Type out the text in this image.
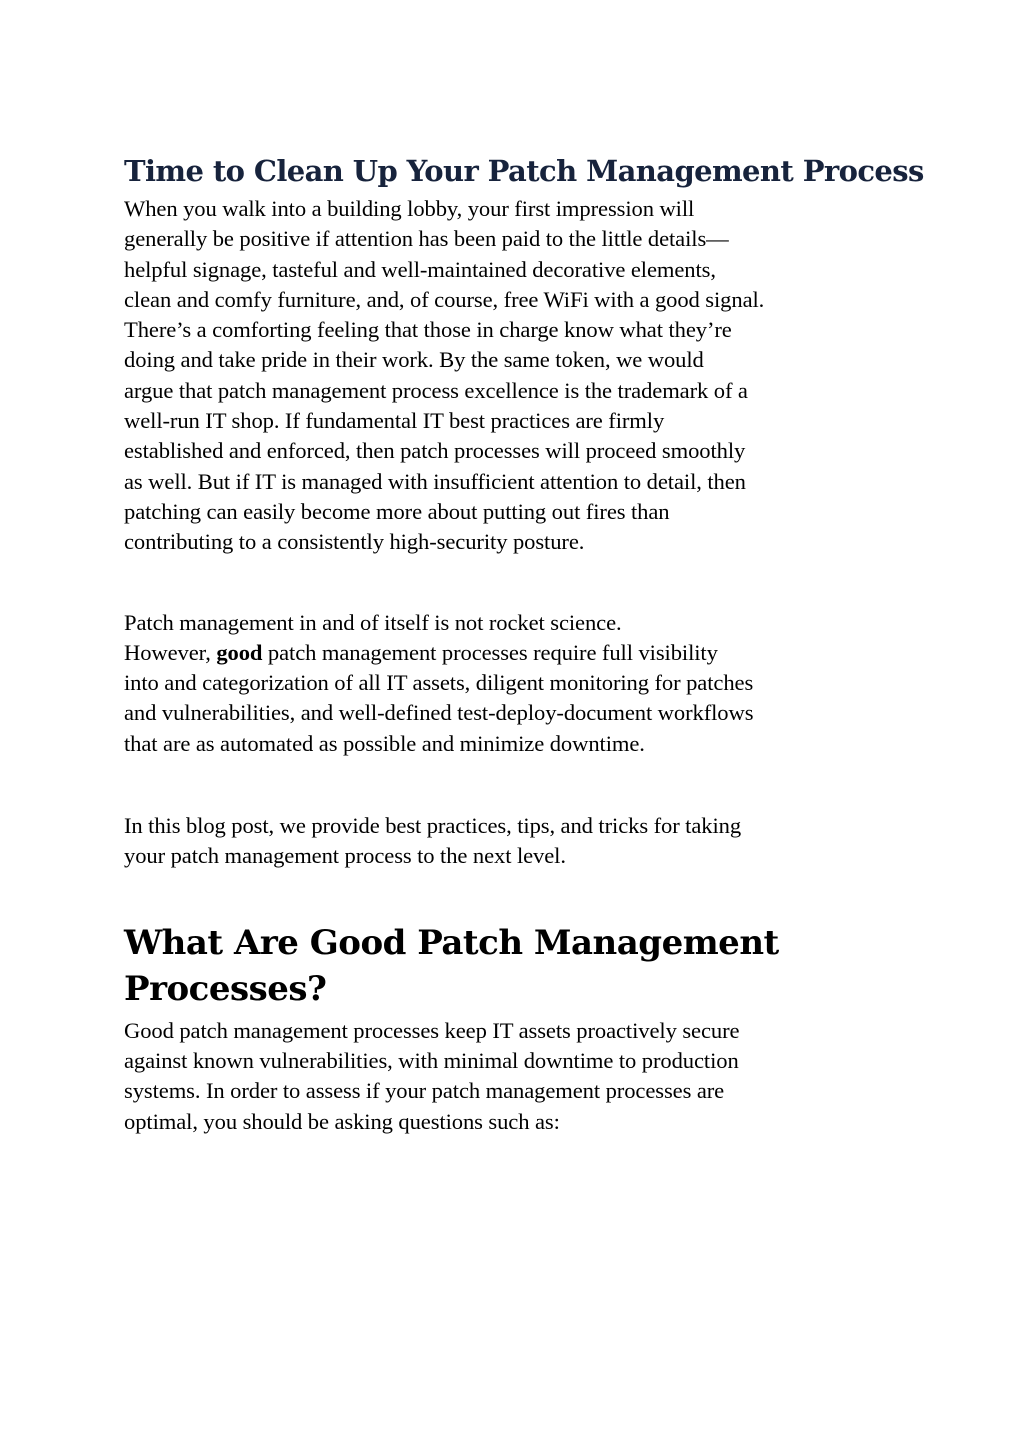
Time to Clean Up Your Patch Management Process

When you walk into a building lobby, your first impression will
generally be positive if attention has been paid to the little details—
helpful signage, tasteful and well-maintained decorative elements,
clean and comfy furniture, and, of course, free WiFi with a good signal.
There’s a comforting feeling that those in charge know what they’re
doing and take pride in their work. By the same token, we would
argue that patch management process excellence is the trademark of a
well-run IT shop. If fundamental IT best practices are firmly
established and enforced, then patch processes will proceed smoothly
as well. But if IT is managed with insufficient attention to detail, then
patching can easily become more about putting out fires than
contributing to a consistently high-security posture.

Patch management in and of itself is not rocket science.
However, good patch management processes require full visibility
into and categorization of all IT assets, diligent monitoring for patches
and vulnerabilities, and well-defined test-deploy-document workflows
that are as automated as possible and minimize downtime.

In this blog post, we provide best practices, tips, and tricks for taking
your patch management process to the next level.

What Are Good Patch Management
Processes?

Good patch management processes keep IT assets proactively secure
against known vulnerabilities, with minimal downtime to production
systems. In order to assess if your patch management processes are
optimal, you should be asking questions such as:
